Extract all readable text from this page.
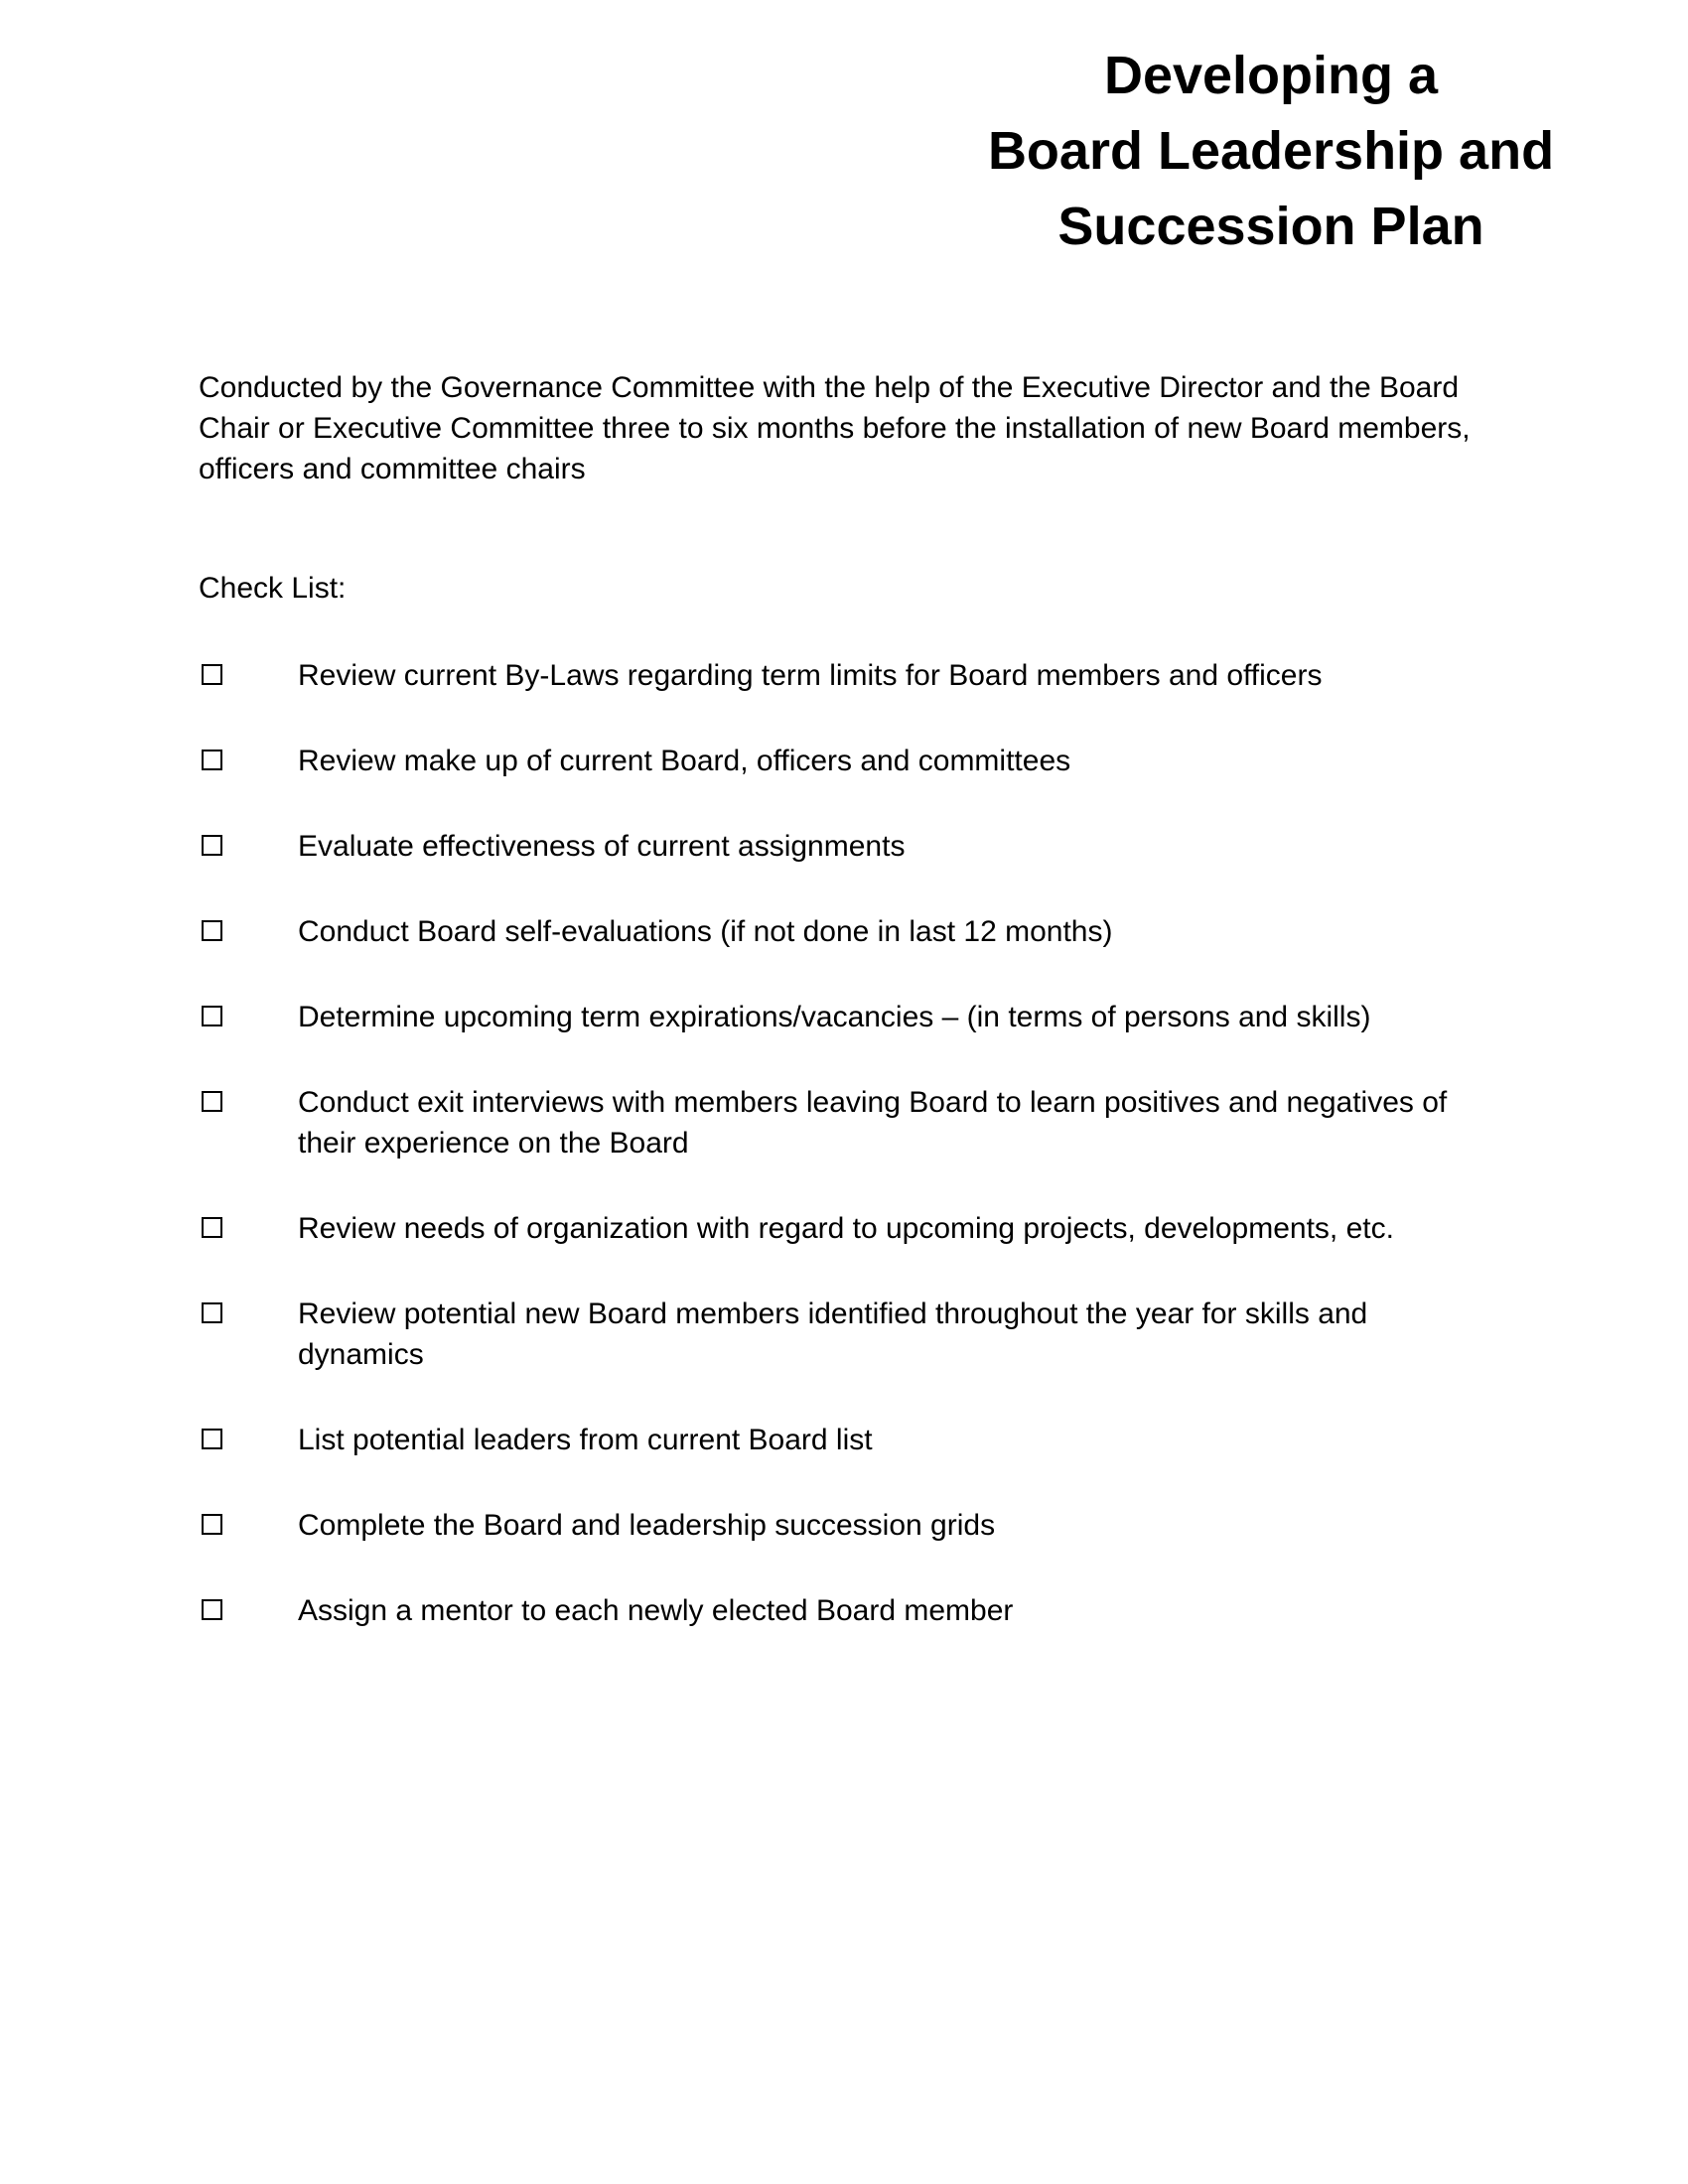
Developing a
Board Leadership and
Succession Plan

Conducted by the Governance Committee with the help of the Executive Director and the Board Chair or Executive Committee three to six months before the installation of new Board members, officers and committee chairs

Check List:

Review current By-Laws regarding term limits for Board members and officers
Review make up of current Board, officers and committees
Evaluate effectiveness of current assignments
Conduct Board self-evaluations (if not done in last 12 months)
Determine upcoming term expirations/vacancies – (in terms of persons and skills)
Conduct exit interviews with members leaving Board to learn positives and negatives of their experience on the Board
Review needs of organization with regard to upcoming projects, developments, etc.
Review potential new Board members identified throughout the year for skills and dynamics
List potential leaders from current Board list
Complete the Board and leadership succession grids
Assign a mentor to each newly elected Board member
